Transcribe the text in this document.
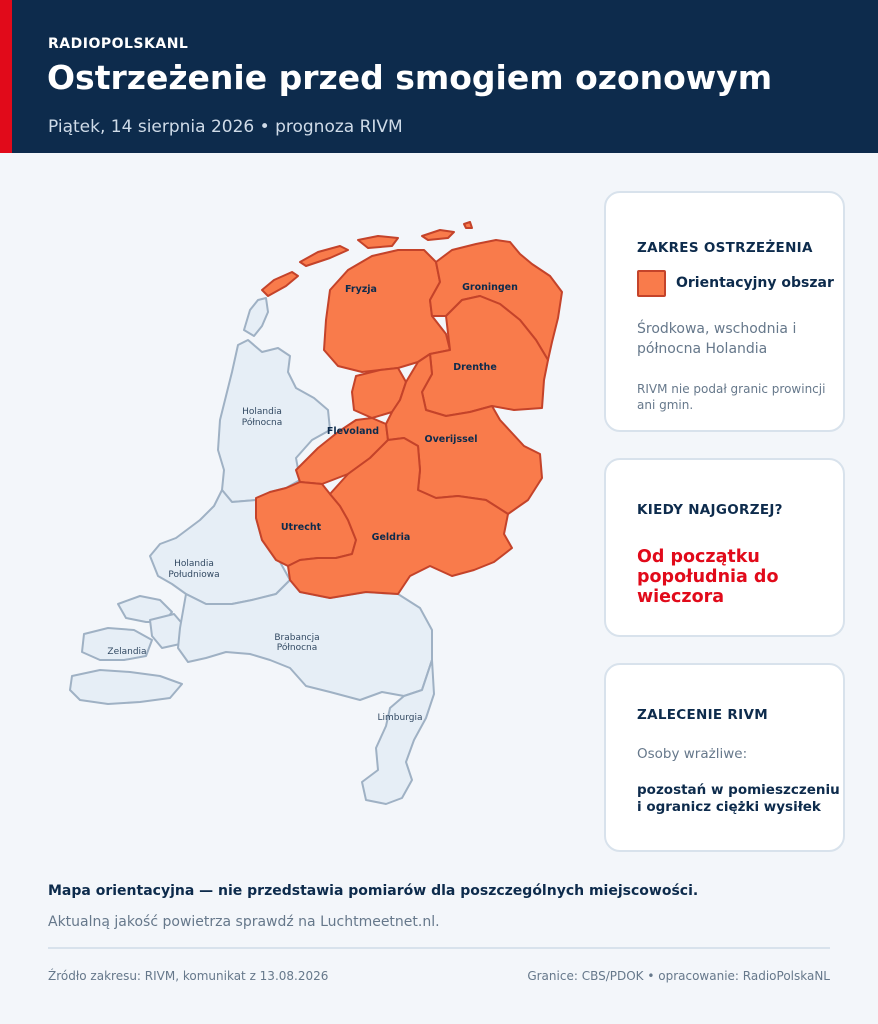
RADIOPOLSKANL
Ostrzeżenie przed smogiem ozonowym
Piątek, 14 sierpnia 2026 • prognoza RIVM
Fryzja	Groningen
Drenthe
Flevoland
Overijssel
Utrecht
Geldria
Holandia
Północna
Holandia
Południowa
Zelandia
Brabancja
Północna
Limburgia
ZAKRES OSTRZEŻENIA
Orientacyjny obszar
Środkowa, wschodnia i północna Holandia
RIVM nie podał granic prowincji ani gmin.
KIEDY NAJGORZEJ?
Od początku popołudnia do wieczora
ZALECENIE RIVM
Osoby wrażliwe:
pozostań w pomieszczeniu i ogranicz ciężki wysiłek
Mapa orientacyjna — nie przedstawia pomiarów dla poszczególnych miejscowości.
Aktualną jakość powietrza sprawdź na Luchtmeetnet.nl.
Źródło zakresu: RIVM, komunikat z 13.08.2026	Granice: CBS/PDOK • opracowanie: RadioPolskaNL
